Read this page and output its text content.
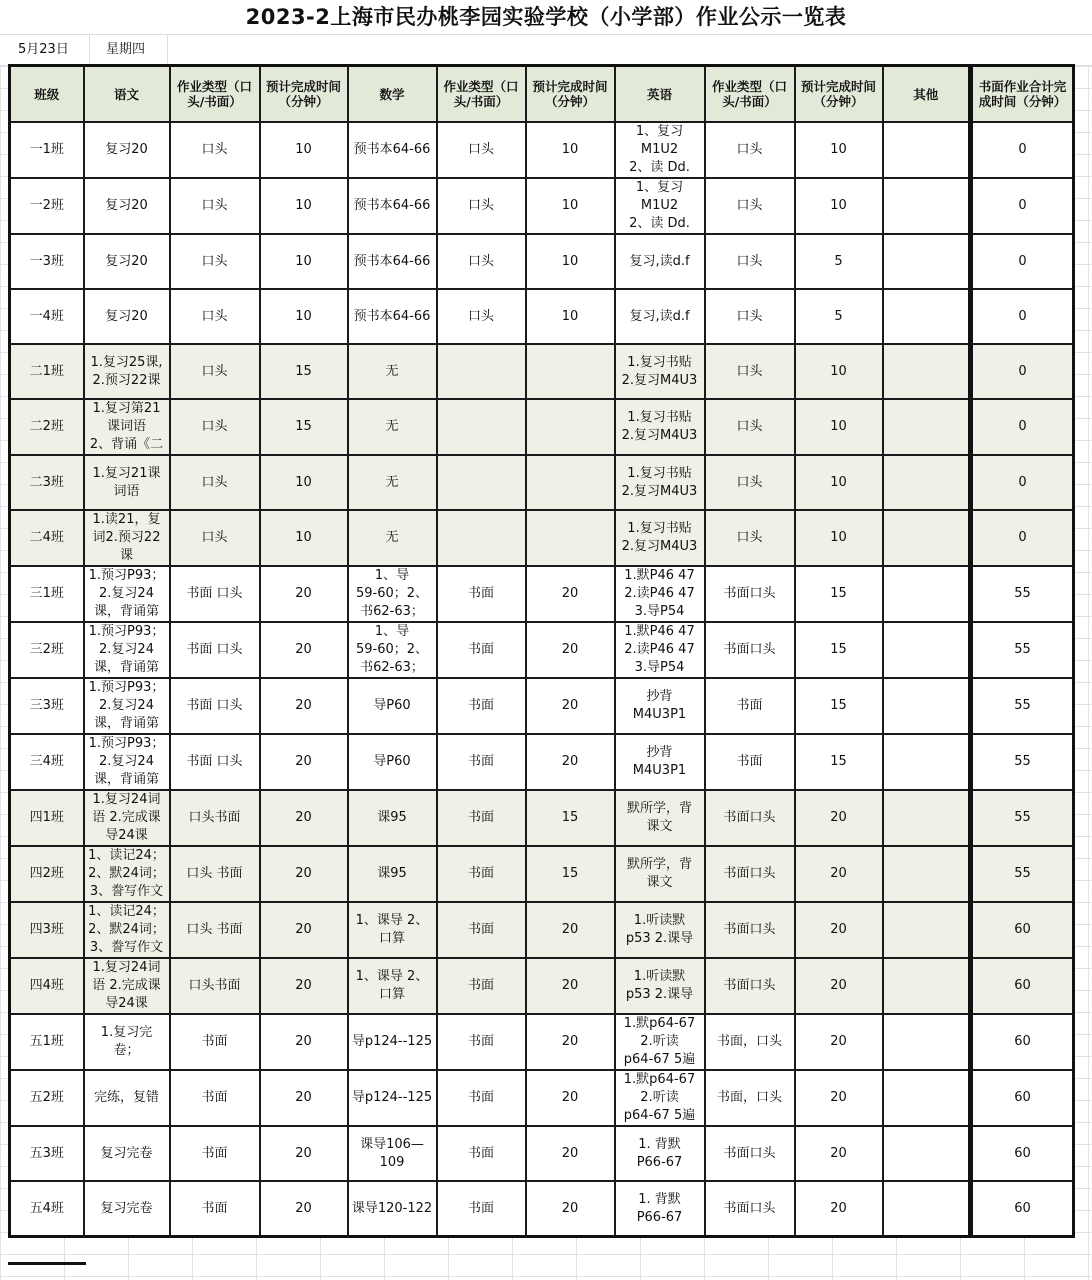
2023-2上海市民办桃李园实验学校（小学部）作业公示一览表
5月23日	星期四
班级	语文	作业类型（口头/书面）	预计完成时间（分钟）	数学	作业类型（口头/书面）	预计完成时间（分钟）	英语	作业类型（口头/书面）	预计完成时间（分钟）	其他	书面作业合计完成时间（分钟）

一1班	复习20	口头	10	预书本64-66	口头	10	1、复习
M1U2
2、读 Dd.	口头	10		0

一2班	复习20	口头	10	预书本64-66	口头	10	1、复习
M1U2
2、读 Dd.	口头	10		0

一3班	复习20	口头	10	预书本64-66	口头	10	复习,读d.f	口头	5		0

一4班	复习20	口头	10	预书本64-66	口头	10	复习,读d.f	口头	5		0

二1班	1.复习25课,
2.预习22课	口头	15	无			1.复习书贴
2.复习M4U3	口头	10		0

二2班	1.复习第21
课词语
2、背诵《二	口头	15	无			1.复习书贴
2.复习M4U3	口头	10		0

二3班	1.复习21课
词语	口头	10	无			1.复习书贴
2.复习M4U3	口头	10		0

二4班	1.读21，复
词2.预习22
课	口头	10	无			1.复习书贴
2.复习M4U3	口头	10		0

三1班	1.预习P93；
2.复习24
课，背诵第	书面 口头	20	1、导
59-60；2、
书62-63；	书面	20	1.默P46 47
2.读P46 47
3.导P54	书面口头	15		55

三2班	1.预习P93；
2.复习24
课，背诵第	书面 口头	20	1、导
59-60；2、
书62-63；	书面	20	1.默P46 47
2.读P46 47
3.导P54	书面口头	15		55

三3班	1.预习P93；
2.复习24
课，背诵第	书面 口头	20	导P60	书面	20	抄背
M4U3P1	书面	15		55

三4班	1.预习P93；
2.复习24
课，背诵第	书面 口头	20	导P60	书面	20	抄背
M4U3P1	书面	15		55

四1班	1.复习24词
语 2.完成课
导24课	口头书面	20	课95	书面	15	默所学，背
课文	书面口头	20		55

四2班	1、读记24；
2、默24词；
3、誊写作文	口头 书面	20	课95	书面	15	默所学，背
课文	书面口头	20		55

四3班	1、读记24；
2、默24词；
3、誊写作文	口头 书面	20	1、课导 2、
口算	书面	20	1.听读默
p53 2.课导	书面口头	20		60

四4班	1.复习24词
语 2.完成课
导24课	口头书面	20	1、课导 2、
口算	书面	20	1.听读默
p53 2.课导	书面口头	20		60

五1班	1.复习完
卷；	书面	20	导p124--125	书面	20	1.默p64-67
2.听读
p64-67 5遍	书面，口头	20		60

五2班	完练，复错	书面	20	导p124--125	书面	20	1.默p64-67
2.听读
p64-67 5遍	书面，口头	20		60

五3班	复习完卷	书面	20	课导106—
109	书面	20	1. 背默
P66-67	书面口头	20		60

五4班	复习完卷	书面	20	课导120-122	书面	20	1. 背默
P66-67	书面口头	20		60
